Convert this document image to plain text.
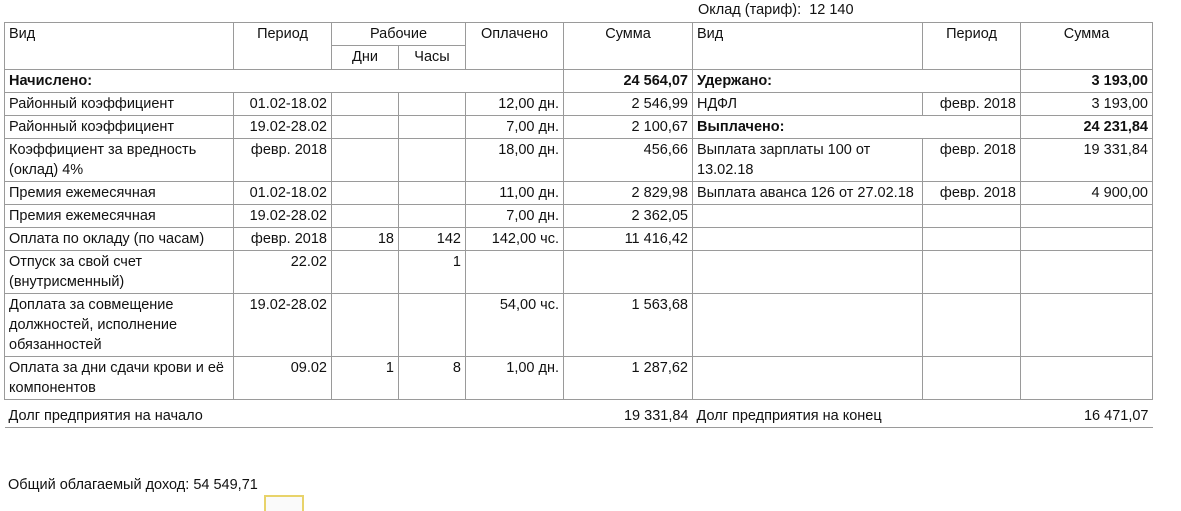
Оклад (тариф): 12 140
Вид	Период	Рабочие		Оплачено	Сумма	Вид	Период	Сумма
		Дни	Часы					
Начислено:					24 564,07	Удержано:		3 193,00
Районный коэффициент	01.02-18.02			12,00 дн.	2 546,99	НДФЛ	февр. 2018	3 193,00
Районный коэффициент	19.02-28.02			7,00 дн.	2 100,67	Выплачено:		24 231,84
Коэффициент за вредность (оклад) 4%	февр. 2018			18,00 дн.	456,66	Выплата зарплаты 100 от 13.02.18	февр. 2018	19 331,84
Премия ежемесячная	01.02-18.02			11,00 дн.	2 829,98	Выплата аванса 126 от 27.02.18	февр. 2018	4 900,00
Премия ежемесячная	19.02-28.02			7,00 дн.	2 362,05			
Оплата по окладу (по часам)	февр. 2018	18	142	142,00 чс.	11 416,42			
Отпуск за свой счет (внутрисменный)	22.02		1					
Доплата за совмещение должностей, исполнение обязанностей	19.02-28.02			54,00 чс.	1 563,68			
Оплата за дни сдачи крови и её компонентов	09.02	1	8	1,00 дн.	1 287,62			
Долг предприятия на начало					19 331,84	Долг предприятия на конец		16 471,07
Общий облагаемый доход: 54 549,71
